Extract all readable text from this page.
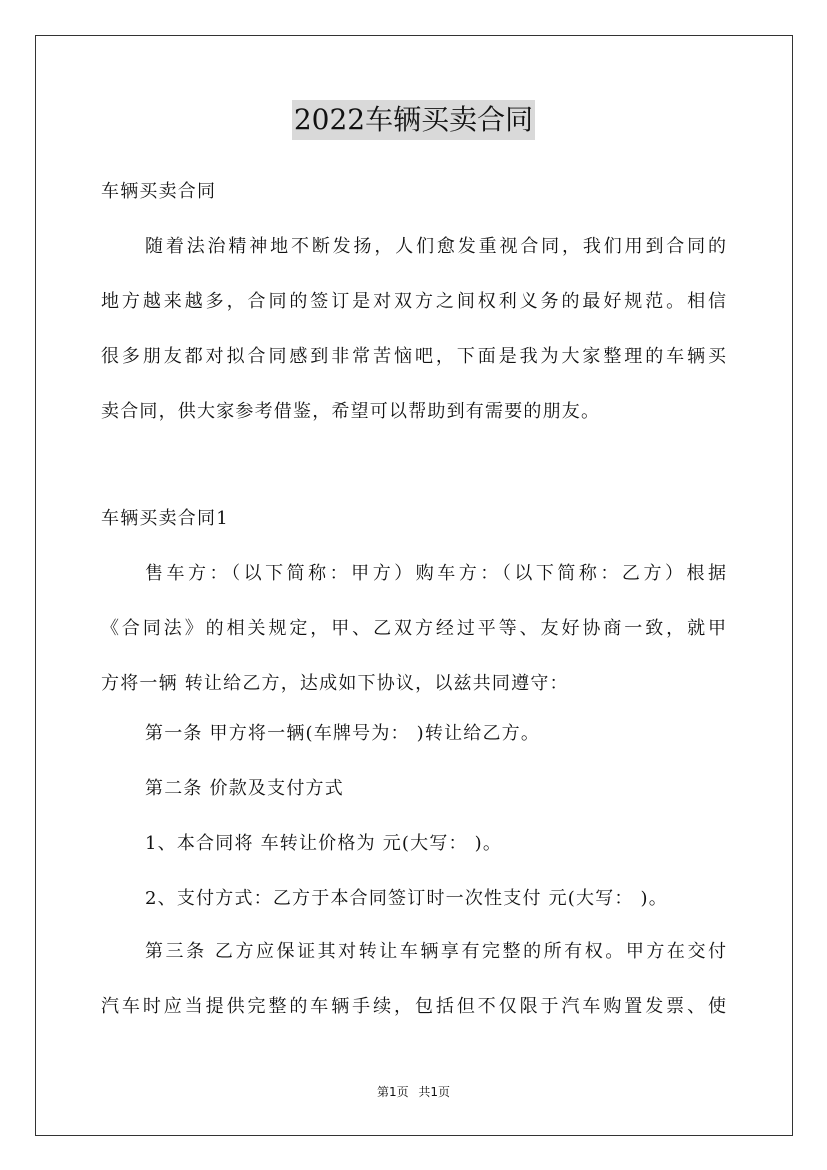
2022车辆买卖合同
车辆买卖合同
随着法治精神地不断发扬，人们愈发重视合同，我们用到合同的
地方越来越多，合同的签订是对双方之间权利义务的最好规范。相信
很多朋友都对拟合同感到非常苦恼吧，下面是我为大家整理的车辆买
卖合同，供大家参考借鉴，希望可以帮助到有需要的朋友。
车辆买卖合同1
售车方：（以下简称：甲方）购车方：（以下简称：乙方）根据
《合同法》的相关规定，甲、乙双方经过平等、友好协商一致，就甲
方将一辆 转让给乙方，达成如下协议，以兹共同遵守：
第一条 甲方将一辆(车牌号为： )转让给乙方。
第二条 价款及支付方式
1、本合同将 车转让价格为 元(大写： )。
2、支付方式：乙方于本合同签订时一次性支付 元(大写： )。
第三条 乙方应保证其对转让车辆享有完整的所有权。甲方在交付
汽车时应当提供完整的车辆手续，包括但不仅限于汽车购置发票、使
第1页 共1页
